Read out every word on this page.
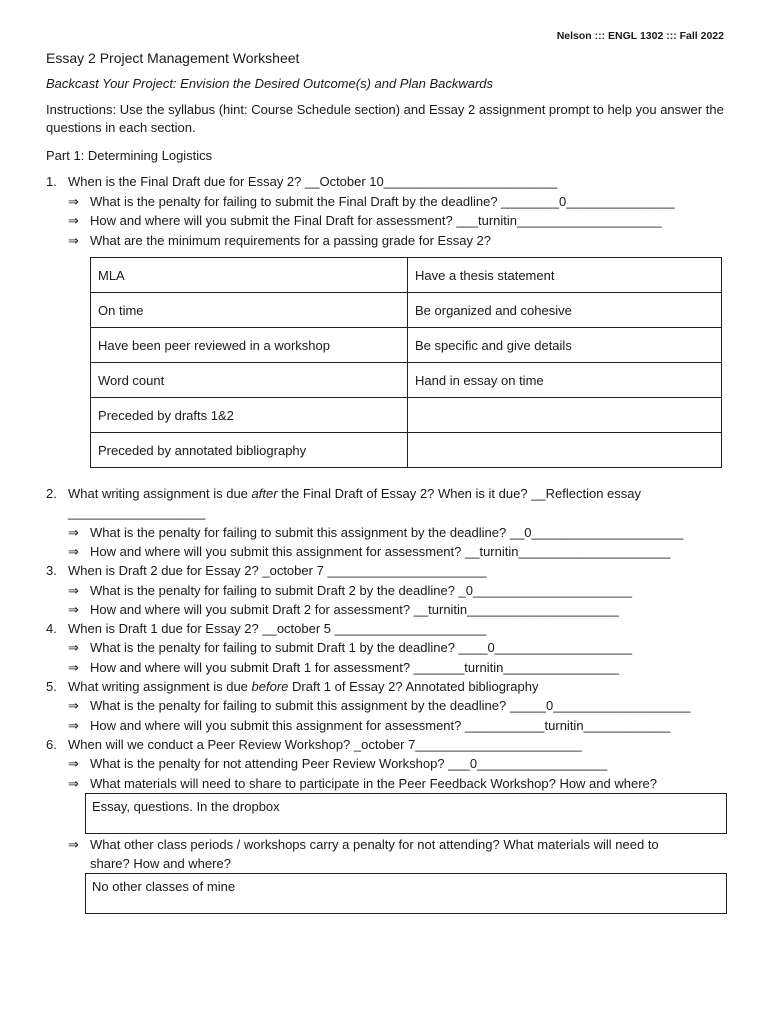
Nelson ::: ENGL 1302 ::: Fall 2022
Essay 2 Project Management Worksheet
Backcast Your Project: Envision the Desired Outcome(s) and Plan Backwards
Instructions: Use the syllabus (hint: Course Schedule section) and Essay 2 assignment prompt to help you answer the questions in each section.
Part 1: Determining Logistics
1. When is the Final Draft due for Essay 2? __October 10________________________
⇒ What is the penalty for failing to submit the Final Draft by the deadline? ________0_______________
⇒ How and where will you submit the Final Draft for assessment? ___turnitin____________________
⇒ What are the minimum requirements for a passing grade for Essay 2?
MLA	Have a thesis statement
On time	Be organized and cohesive
Have been peer reviewed in a workshop	Be specific and give details
Word count	Hand in essay on time
Preceded by drafts 1&2	
Preceded by annotated bibliography	
2. What writing assignment is due after the Final Draft of Essay 2? When is it due? __Reflection essay
___________________
⇒ What is the penalty for failing to submit this assignment by the deadline? __0_____________________
⇒ How and where will you submit this assignment for assessment? __turnitin_____________________
3. When is Draft 2 due for Essay 2? _october 7 ______________________
⇒ What is the penalty for failing to submit Draft 2 by the deadline? _0______________________
⇒ How and where will you submit Draft 2 for assessment? __turnitin_____________________
4. When is Draft 1 due for Essay 2? __october 5 _____________________
⇒ What is the penalty for failing to submit Draft 1 by the deadline? ____0___________________
⇒ How and where will you submit Draft 1 for assessment? _______turnitin________________
5. What writing assignment is due before Draft 1 of Essay 2? Annotated bibliography
⇒ What is the penalty for failing to submit this assignment by the deadline? _____0___________________
⇒ How and where will you submit this assignment for assessment? ___________turnitin____________
6. When will we conduct a Peer Review Workshop? _october 7_______________________
⇒ What is the penalty for not attending Peer Review Workshop? ___0__________________
⇒ What materials will need to share to participate in the Peer Feedback Workshop? How and where?
Essay, questions. In the dropbox
⇒ What other class periods / workshops carry a penalty for not attending? What materials will need to
share? How and where?
No other classes of mine
